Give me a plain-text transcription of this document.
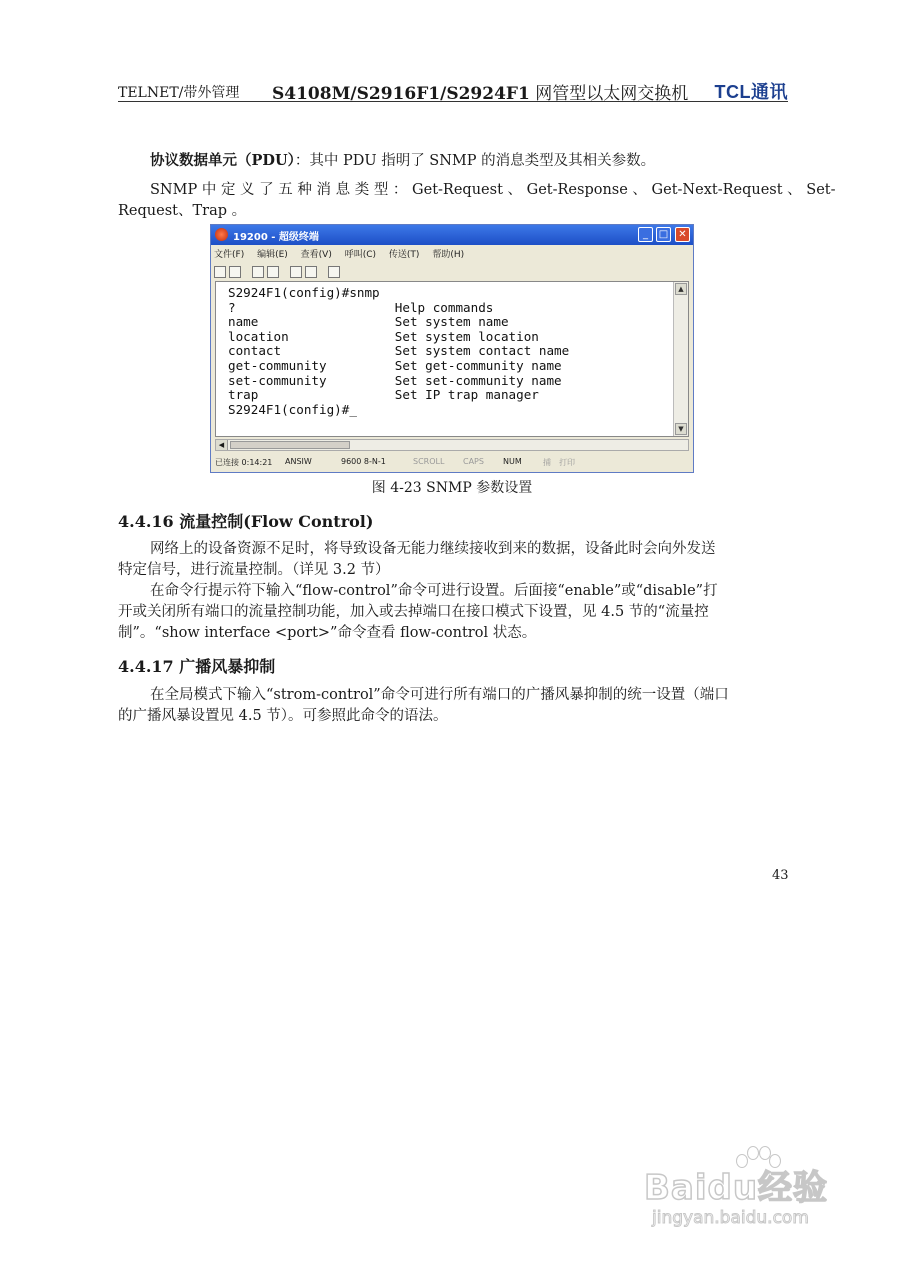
TELNET/带外管理 S4108M/S2916F1/S2924F1 网管型以太网交换机 TCL通讯
协议数据单元（PDU）：其中 PDU 指明了 SNMP 的消息类型及其相关参数。
SNMP 中 定 义 了 五 种 消 息 类 型 ： Get-Request 、 Get-Response 、 Get-Next-Request 、 Set-
Request、Trap 。
19200 - 超级终端	_	□	✕
文件(F) 编辑(E) 查看(V) 呼叫(C) 传送(T) 帮助(H)
S2924F1(config)#snmp
?                     Help commands
name                  Set system name
location              Set system location
contact               Set system contact name
get-community         Set get-community name
set-community         Set set-community name
trap                  Set IP trap manager
S2924F1(config)#_
▲
▼
◀
已连接 0:14:21 ANSIW	9600 8-N-1	SCROLL CAPS NUM	捕 打印
图 4-23 SNMP 参数设置
4.4.16 流量控制(Flow Control)
网络上的设备资源不足时，将导致设备无能力继续接收到来的数据，设备此时会向外发送
特定信号，进行流量控制。（详见 3.2 节）
在命令行提示符下输入“flow-control”命令可进行设置。后面接“enable”或“disable”打
开或关闭所有端口的流量控制功能，加入或去掉端口在接口模式下设置，见 4.5 节的“流量控
制”。“show interface <port>”命令查看 flow-control 状态。
4.4.17 广播风暴抑制
在全局模式下输入“strom-control”命令可进行所有端口的广播风暴抑制的统一设置（端口
的广播风暴设置见 4.5 节）。可参照此命令的语法。
43
Baidu经验
jingyan.baidu.com
